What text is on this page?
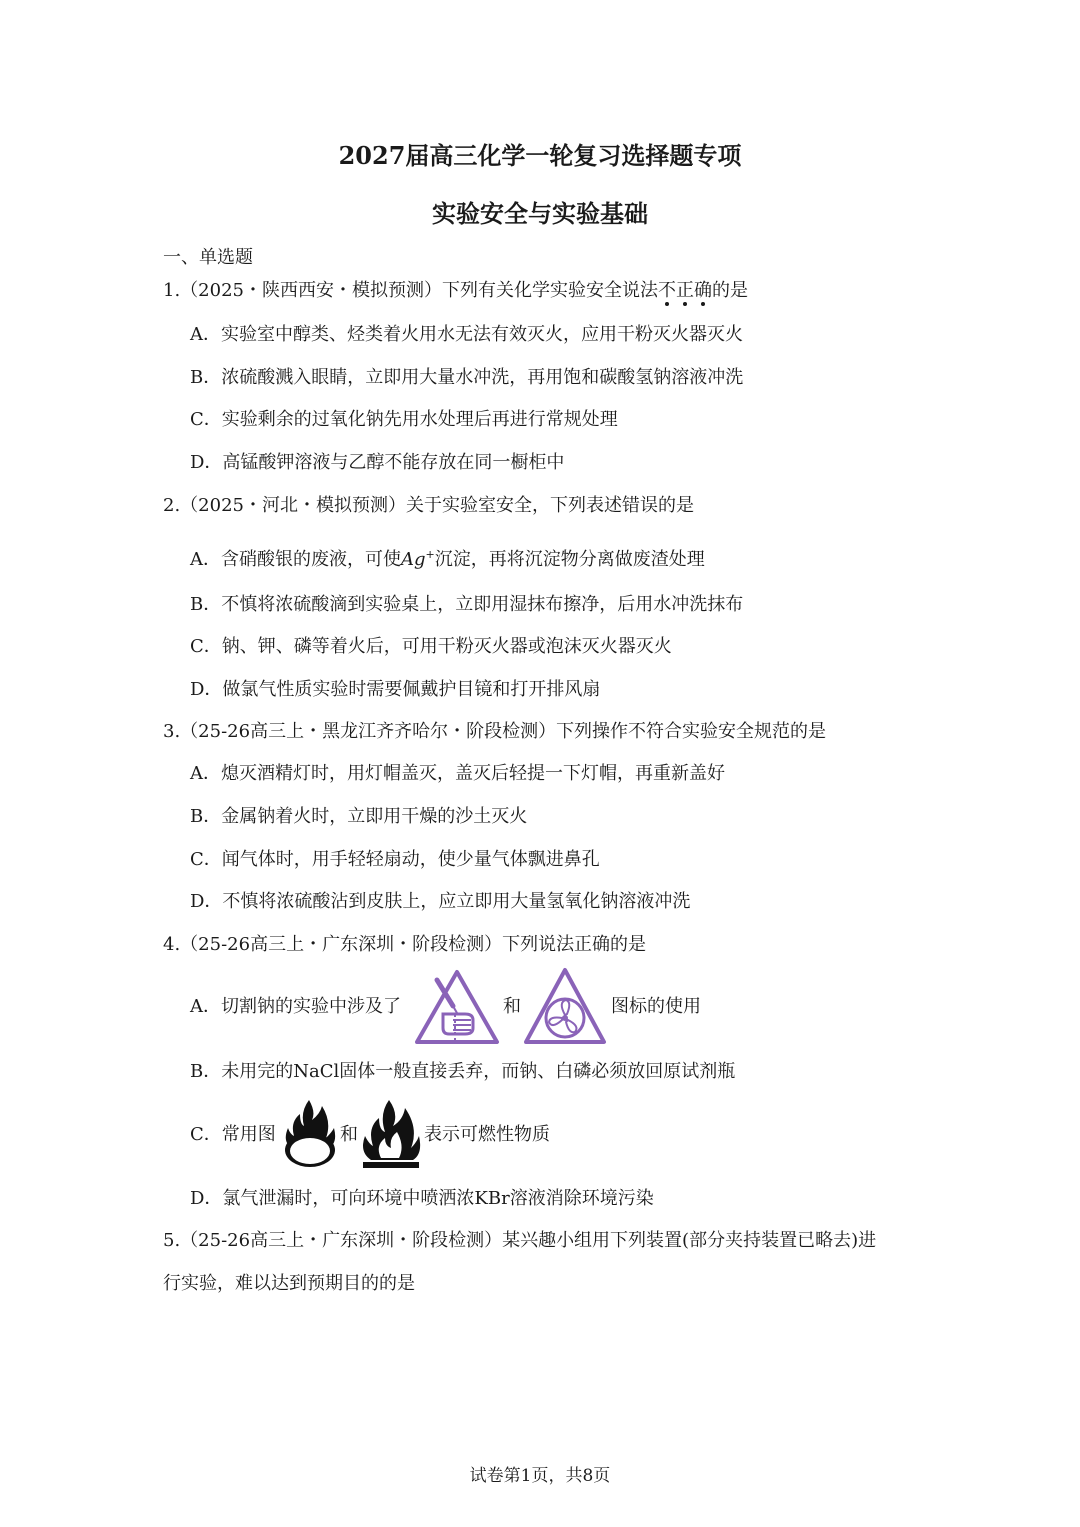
2027届高三化学一轮复习选择题专项
实验安全与实验基础
一、单选题
1.（2025・陕西西安・模拟预测）下列有关化学实验安全说法不正确
的是
A．实验室中醇类、烃类着火用水无法有效灭火，应用干粉灭火器灭火
B．浓硫酸溅入眼睛，立即用大量水冲洗，再用饱和碳酸氢钠溶液冲洗
C．实验剩余的过氧化钠先用水处理后再进行常规处理
D．高锰酸钾溶液与乙醇不能存放在同一橱柜中
2.（2025・河北・模拟预测）关于实验室安全，下列表述错误的是
A．含硝酸银的废液，可使Ag+沉淀，再将沉淀物分离做废渣处理
B．不慎将浓硫酸滴到实验桌上，立即用湿抹布擦净，后用水冲洗抹布
C．钠、钾、磷等着火后，可用干粉灭火器或泡沫灭火器灭火
D．做氯气性质实验时需要佩戴护目镜和打开排风扇
3.（25-26高三上・黑龙江齐齐哈尔・阶段检测）下列操作不符合实验安全规范的是
A．熄灭酒精灯时，用灯帽盖灭，盖灭后轻提一下灯帽，再重新盖好
B．金属钠着火时，立即用干燥的沙土灭火
C．闻气体时，用手轻轻扇动，使少量气体飘进鼻孔
D．不慎将浓硫酸沾到皮肤上，应立即用大量氢氧化钠溶液冲洗
4.（25-26高三上・广东深圳・阶段检测）下列说法正确的是
A．切割钠的实验中涉及了	和	图标的使用
B．未用完的NaCl固体一般直接丢弃，而钠、白磷必须放回原试剂瓶
C．常用图	和	表示可燃性物质
D．氯气泄漏时，可向环境中喷洒浓KBr溶液消除环境污染
5.（25-26高三上・广东深圳・阶段检测）某兴趣小组用下列装置(部分夹持装置已略去)进
行实验，难以达到预期目的的是
试卷第1页，共8页
